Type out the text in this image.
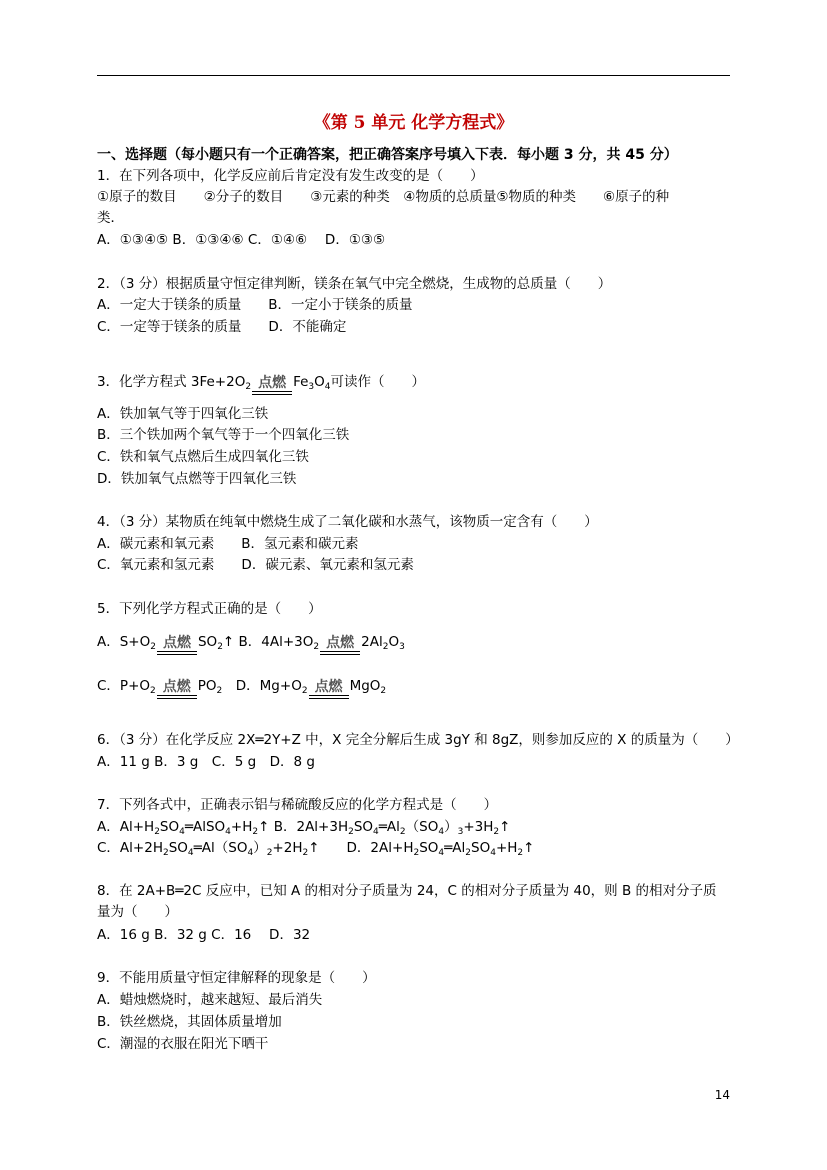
《第 5 单元 化学方程式》
一、选择题（每小题只有一个正确答案，把正确答案序号填入下表．每小题 3 分，共 45 分）
1．在下列各项中，化学反应前后肯定没有发生改变的是（　　）
①原子的数目　　②分子的数目　　③元素的种类　④物质的总质量⑤物质的种类　　⑥原子的种
类．
A．①③④⑤ B．①③④⑥ C．①④⑥　 D．①③⑤
2．（3 分）根据质量守恒定律判断，镁条在氧气中完全燃烧，生成物的总质量（　　）
A．一定大于镁条的质量　　B．一定小于镁条的质量
C．一定等于镁条的质量　　D．不能确定
A．铁加氧气等于四氧化三铁
B．三个铁加两个氧气等于一个四氧化三铁
C．铁和氧气点燃后生成四氧化三铁
D．铁加氧气点燃等于四氧化三铁
4．（3 分）某物质在纯氧中燃烧生成了二氧化碳和水蒸气，该物质一定含有（　　）
A．碳元素和氧元素　　B．氢元素和碳元素
C．氧元素和氢元素　　D．碳元素、氧元素和氢元素
5．下列化学方程式正确的是（　　）
6．（3 分）在化学反应 2X═2Y+Z 中，X 完全分解后生成 3gY 和 8gZ，则参加反应的 X 的质量为（　　）
A．11 g B．3 g　C．5 g　D．8 g
7．下列各式中，正确表示铝与稀硫酸反应的化学方程式是（　　）
8．在 2A+B═2C 反应中，已知 A 的相对分子质量为 24，C 的相对分子质量为 40，则 B 的相对分子质
量为（　　）
A．16 g B．32 g C．16　 D．32
9．不能用质量守恒定律解释的现象是（　　）
A．蜡烛燃烧时，越来越短、最后消失
B．铁丝燃烧，其固体质量增加
C．潮湿的衣服在阳光下晒干
3．化学方程式 $3Fe+2O_2$ 点燃 $Fe_3O_4$可读作（　　）
A．$S+O_2$ 点燃 $SO_2↑$ B．$4Al+3O_2$ 点燃 $2Al_2O_3$
C．$P+O_2$ 点燃 $PO_2$　D．$Mg+O_2$ 点燃 MgO$_2$
A．$Al+H_2SO_4═AlSO_4+H_2↑$ B．$2Al+3H_2SO_4═Al_2(SO_4)_3+3H_2↑$
C．$Al+2H_2SO_4═Al(SO_4)_2+2H_2↑$　　D．$2Al+H_2SO_4═Al_2SO_4+H_2↑$
14
